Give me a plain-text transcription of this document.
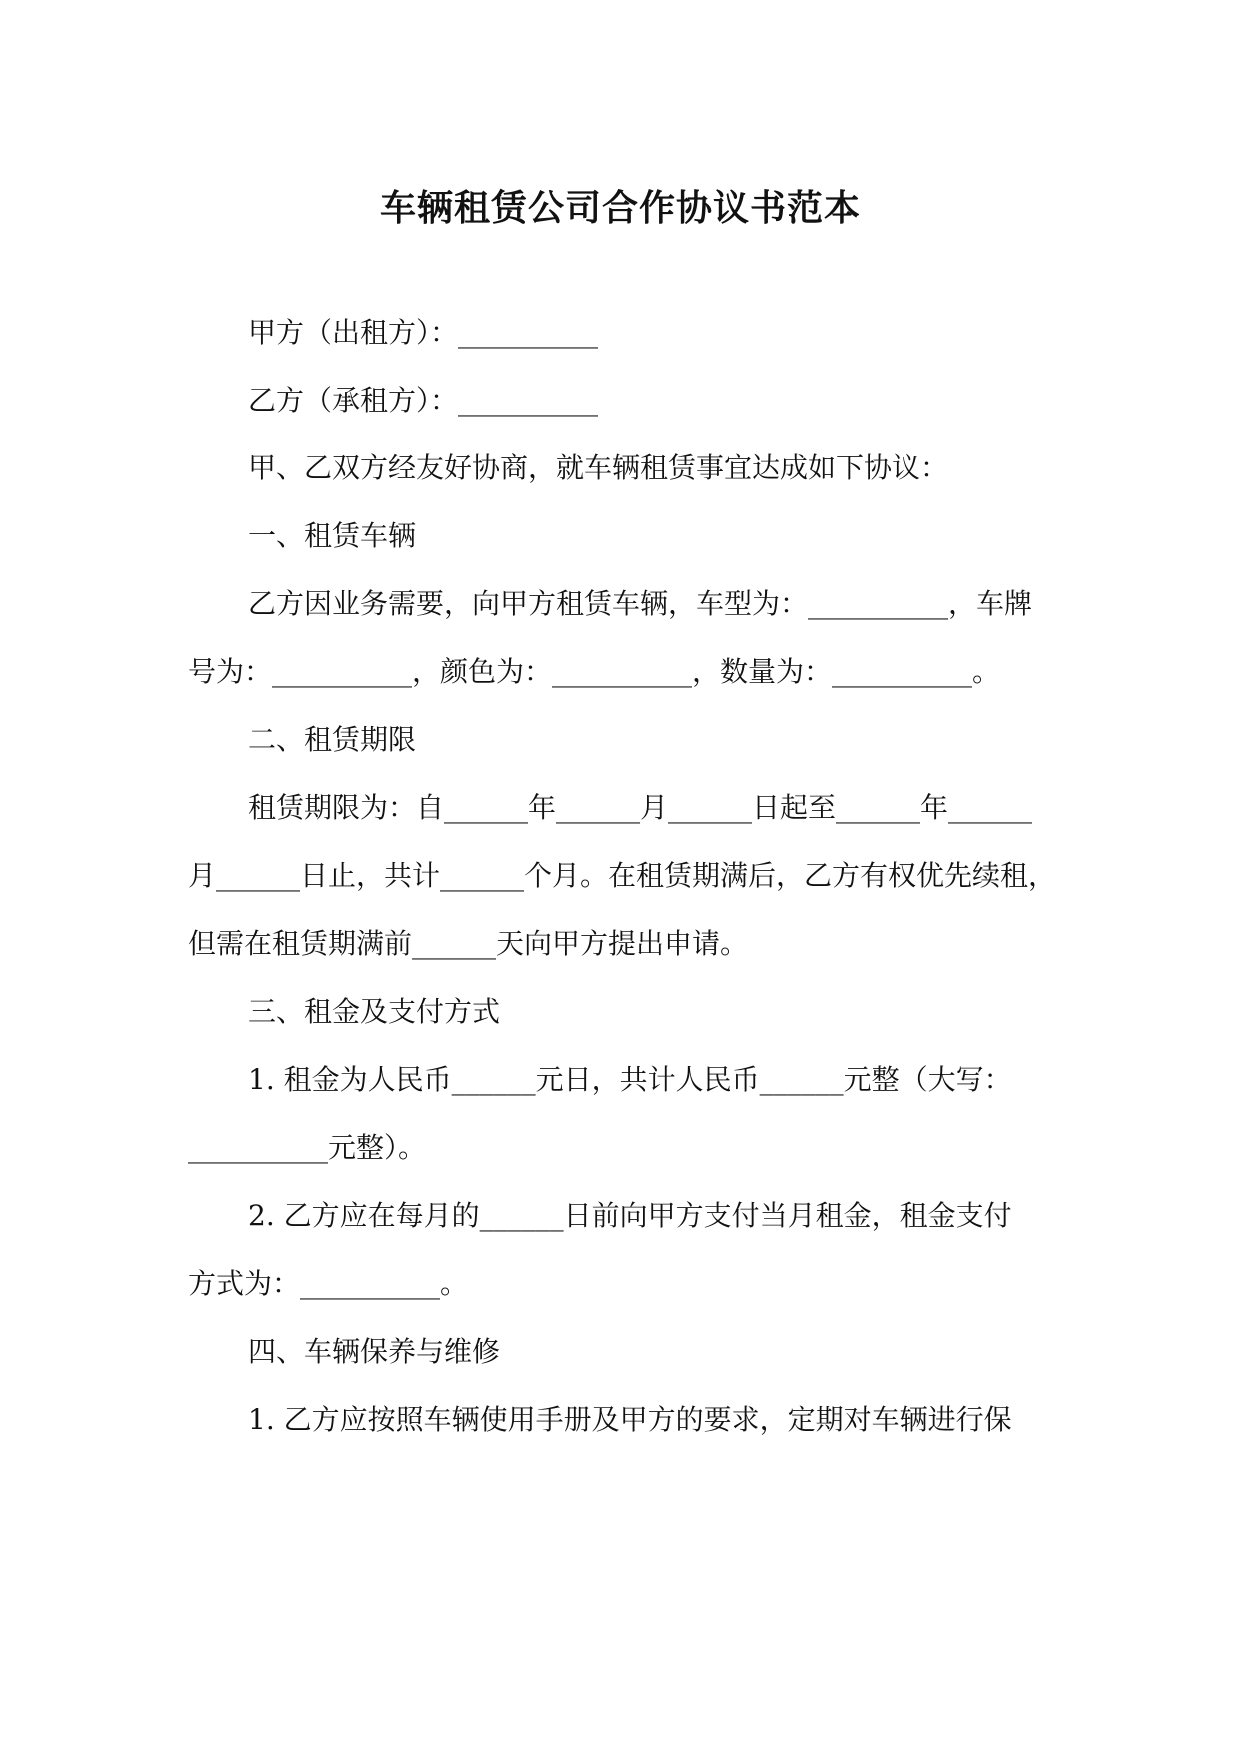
车辆租赁公司合作协议书范本
甲方（出租方）：__________
乙方（承租方）：__________
甲、乙双方经友好协商，就车辆租赁事宜达成如下协议：
一、租赁车辆
乙方因业务需要，向甲方租赁车辆，车型为：__________，车牌
号为：__________，颜色为：__________，数量为：__________。
二、租赁期限
租赁期限为：自______年______月______日起至______年______
月______日止，共计______个月。在租赁期满后，乙方有权优先续租，
但需在租赁期满前______天向甲方提出申请。
三、租金及支付方式
1. 租金为人民币______元日，共计人民币______元整（大写：
__________元整）。
2. 乙方应在每月的______日前向甲方支付当月租金，租金支付
方式为：__________。
四、车辆保养与维修
1. 乙方应按照车辆使用手册及甲方的要求，定期对车辆进行保
